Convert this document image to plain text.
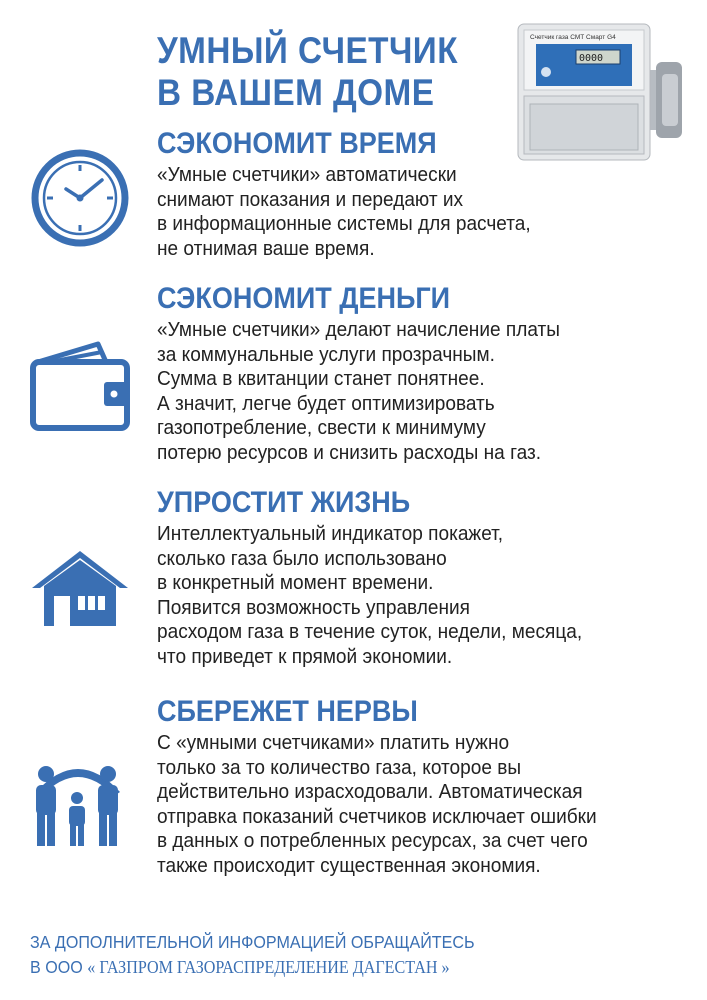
УМНЫЙ СЧЕТЧИК
В ВАШЕМ ДОМЕ
Счетчик газа СМТ Смарт G4
0000
СЭКОНОМИТ ВРЕМЯ
«Умные счетчики» автоматически
снимают показания и передают их
в информационные системы для расчета,
не отнимая ваше время.
СЭКОНОМИТ ДЕНЬГИ
«Умные счетчики» делают начисление платы
за коммунальные услуги прозрачным.
Сумма в квитанции станет понятнее.
А значит, легче будет оптимизировать
газопотребление, свести к минимуму
потерю ресурсов и снизить расходы на газ.
УПРОСТИТ ЖИЗНЬ
Интеллектуальный индикатор покажет,
сколько газа было использовано
в конкретный момент времени.
Появится возможность управления
расходом газа в течение суток, недели, месяца,
что приведет к прямой экономии.
СБЕРЕЖЕТ НЕРВЫ
С «умными счетчиками» платить нужно
только за то количество газа, которое вы
действительно израсходовали. Автоматическая
отправка показаний счетчиков исключает ошибки
в данных о потребленных ресурсах, за счет чего
также происходит существенная экономия.
ЗА ДОПОЛНИТЕЛЬНОЙ ИНФОРМАЦИЕЙ ОБРАЩАЙТЕСЬ
В ООО « ГАЗПРОМ ГАЗОРАСПРЕДЕЛЕНИЕ ДАГЕСТАН »
